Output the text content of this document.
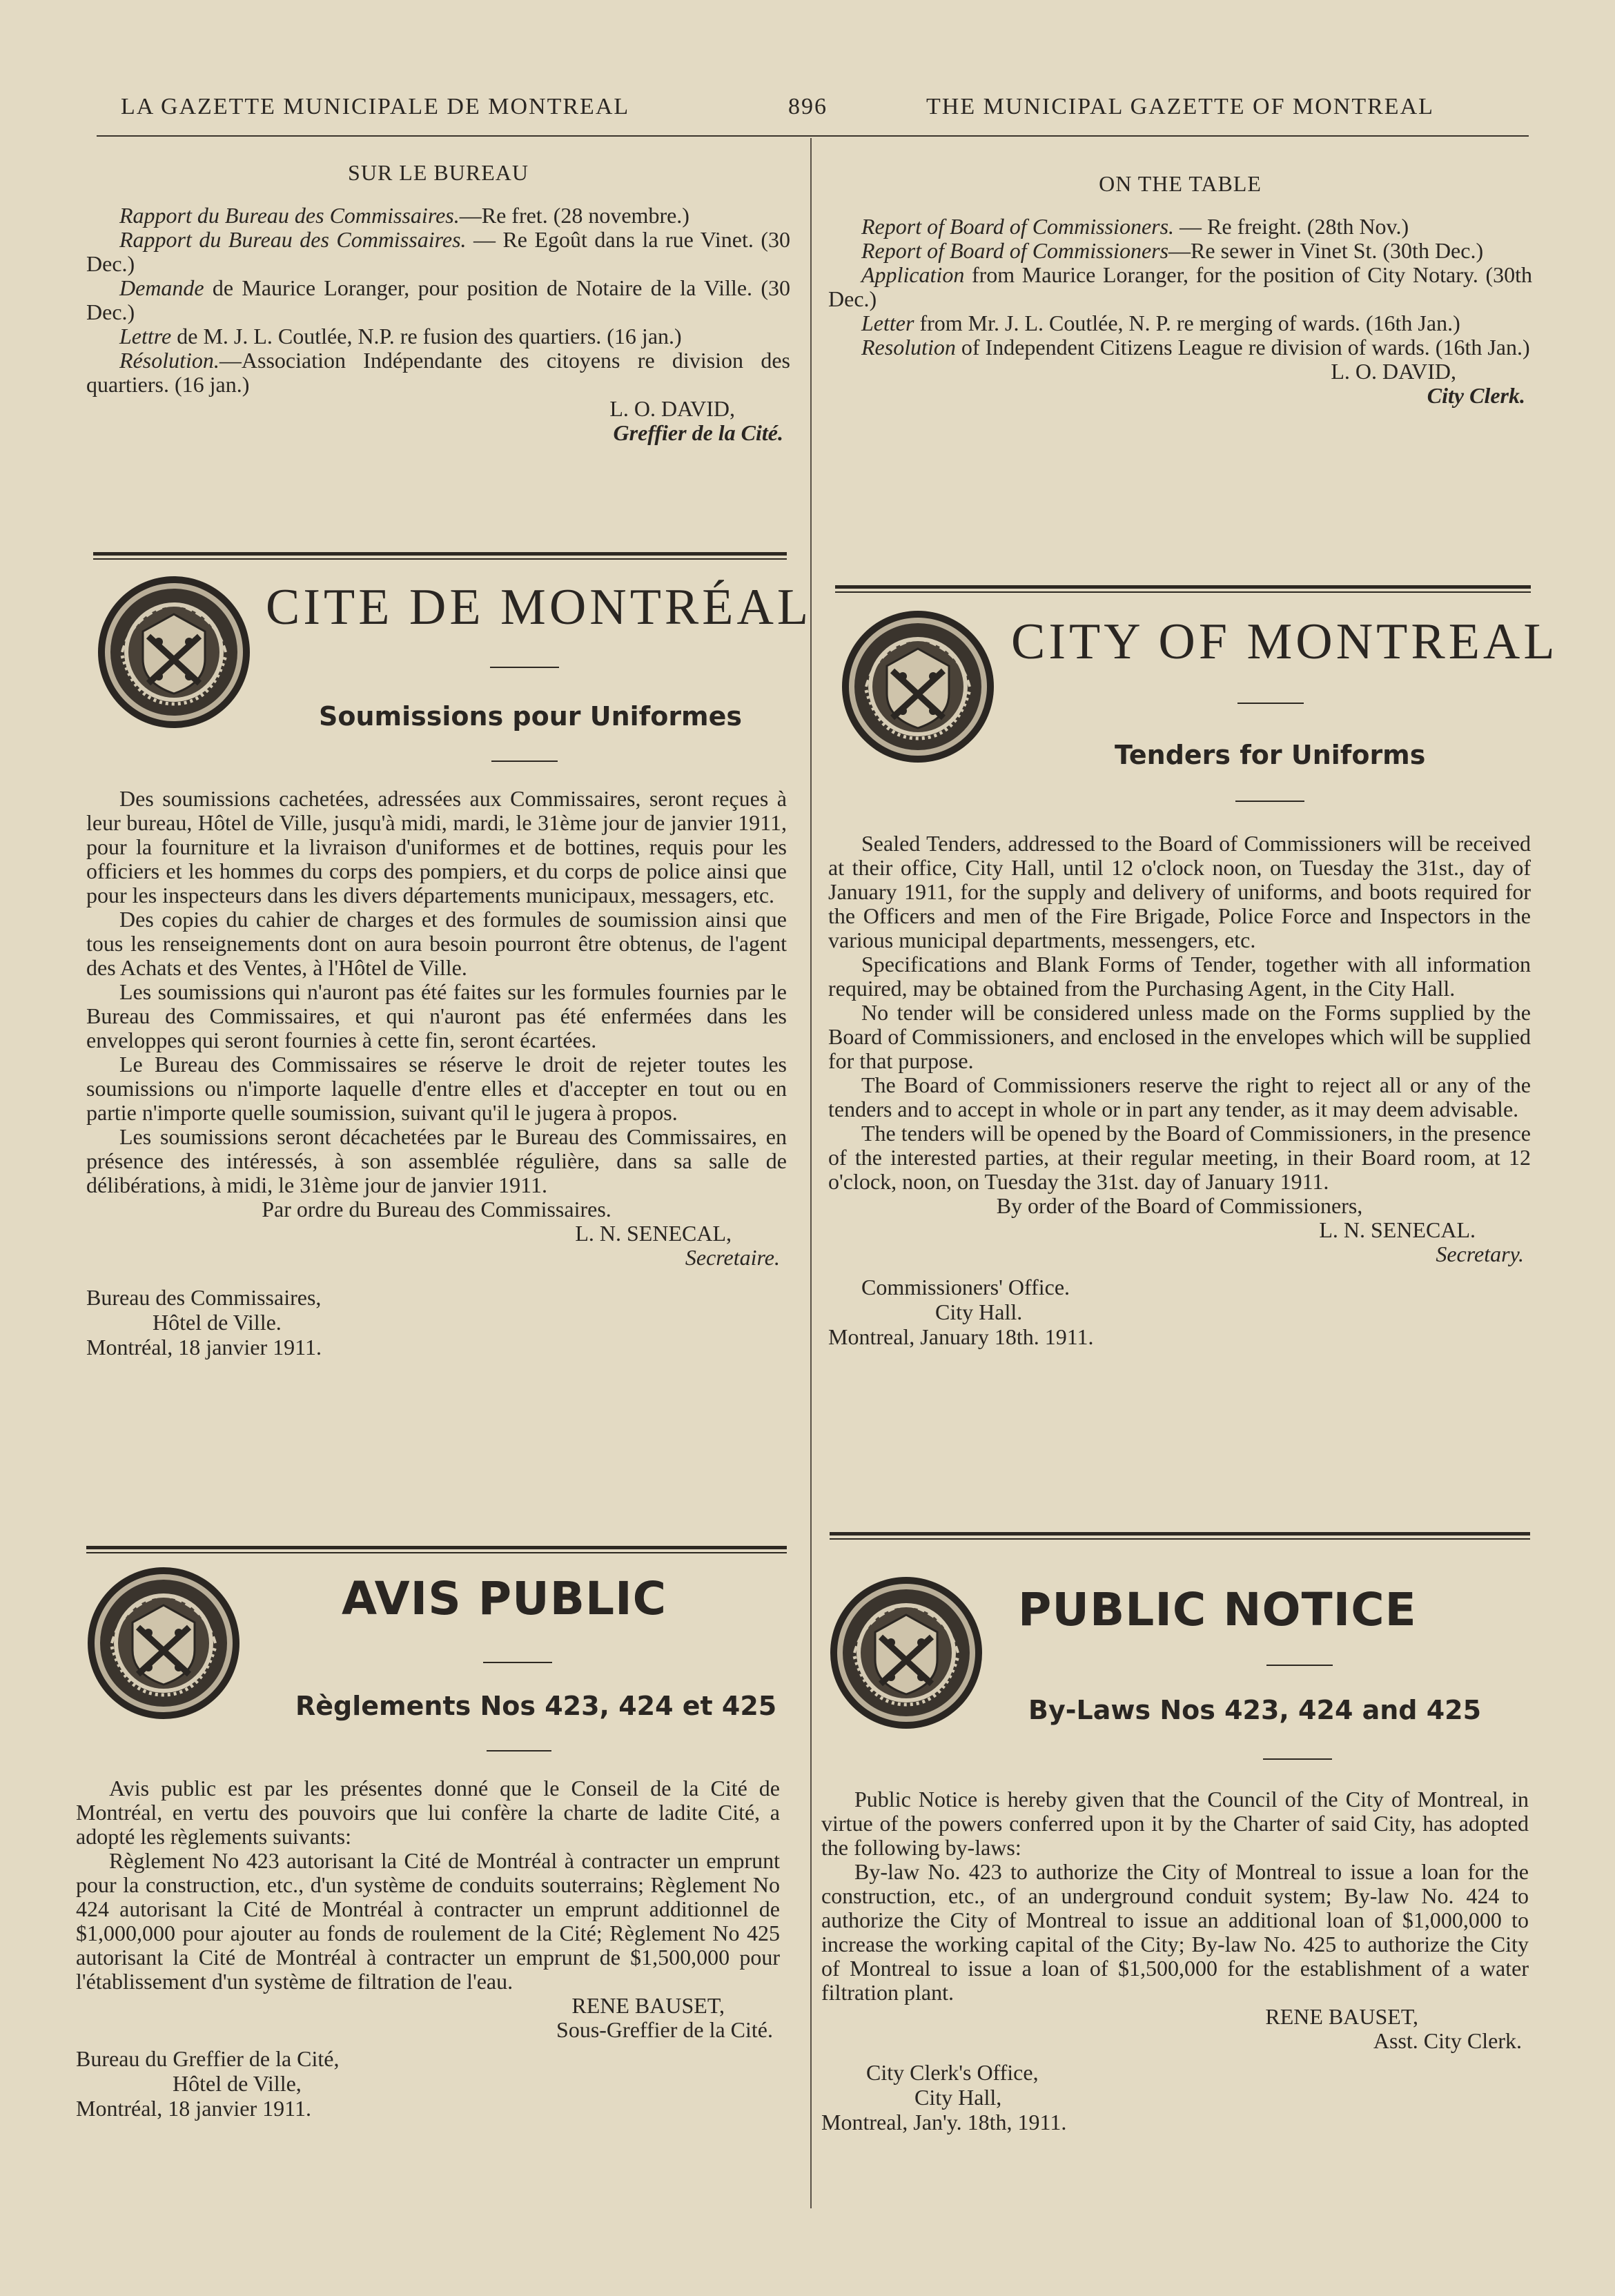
LA GAZETTE MUNICIPALE DE MONTREAL	896	THE MUNICIPAL GAZETTE OF MONTREAL
SUR LE BUREAU

Rapport du Bureau des Commissaires.—Re fret. (28 novembre.)

Rapport du Bureau des Commissaires. — Re Egoût dans la rue Vinet. (30 Dec.)

Demande de Maurice Loranger, pour position de Notaire de la Ville. (30 Dec.)

Lettre de M. J. L. Coutlée, N.P. re fusion des quartiers. (16 jan.)

Résolution.—Association Indépendante des citoyens re division des quartiers. (16 jan.)

L. O. DAVID,
Greffier de la Cité.
ON THE TABLE

Report of Board of Commissioners. — Re freight. (28th Nov.)

Report of Board of Commissioners—Re sewer in Vinet St. (30th Dec.)

Application from Maurice Loranger, for the position of City Notary. (30th Dec.)

Letter from Mr. J. L. Coutlée, N. P. re merging of wards. (16th Jan.)

Resolution of Independent Citizens League re division of wards. (16th Jan.)

L. O. DAVID,
City Clerk.
CITE DE MONTRÉAL
Soumissions pour Uniformes

Des soumissions cachetées, adressées aux Commissaires, seront reçues à leur bureau, Hôtel de Ville, jusqu'à midi, mardi, le 31ème jour de janvier 1911, pour la fourniture et la livraison d'uniformes et de bottines, requis pour les officiers et les hommes du corps des pompiers, et du corps de police ainsi que pour les inspecteurs dans les divers départements municipaux, messagers, etc.

Des copies du cahier de charges et des formules de soumission ainsi que tous les renseignements dont on aura besoin pourront être obtenus, de l'agent des Achats et des Ventes, à l'Hôtel de Ville.

Les soumissions qui n'auront pas été faites sur les formules fournies par le Bureau des Commissaires, et qui n'auront pas été enfermées dans les enveloppes qui seront fournies à cette fin, seront écartées.

Le Bureau des Commissaires se réserve le droit de rejeter toutes les soumissions ou n'importe laquelle d'entre elles et d'accepter en tout ou en partie n'importe quelle soumission, suivant qu'il le jugera à propos.

Les soumissions seront décachetées par le Bureau des Commissaires, en présence des intéressés, à son assemblée régulière, dans sa salle de délibérations, à midi, le 31ème jour de janvier 1911.

Par ordre du Bureau des Commissaires.

L. N. SENECAL,
Secretaire.
Bureau des Commissaires,
Hôtel de Ville.
Montréal, 18 janvier 1911.
CITY OF MONTREAL
Tenders for Uniforms

Sealed Tenders, addressed to the Board of Commissioners will be received at their office, City Hall, until 12 o'clock noon, on Tuesday the 31st., day of January 1911, for the supply and delivery of uniforms, and boots required for the Officers and men of the Fire Brigade, Police Force and Inspectors in the various municipal departments, messengers, etc.

Specifications and Blank Forms of Tender, together with all information required, may be obtained from the Purchasing Agent, in the City Hall.

No tender will be considered unless made on the Forms supplied by the Board of Commissioners, and enclosed in the envelopes which will be supplied for that purpose.

The Board of Commissioners reserve the right to reject all or any of the tenders and to accept in whole or in part any tender, as it may deem advisable.

The tenders will be opened by the Board of Commissioners, in the presence of the interested parties, at their regular meeting, in their Board room, at 12 o'clock, noon, on Tuesday the 31st. day of January 1911.

By order of the Board of Commissioners,

L. N. SENECAL.
Secretary.
Commissioners' Office.
City Hall.
Montreal, January 18th. 1911.
AVIS PUBLIC
Règlements Nos 423, 424 et 425

Avis public est par les présentes donné que le Conseil de la Cité de Montréal, en vertu des pouvoirs que lui confère la charte de ladite Cité, a adopté les règlements suivants:

Règlement No 423 autorisant la Cité de Montréal à contracter un emprunt pour la construction, etc., d'un système de conduits souterrains; Règlement No 424 autorisant la Cité de Montréal à contracter un emprunt additionnel de $1,000,000 pour ajouter au fonds de roulement de la Cité; Règlement No 425 autorisant la Cité de Montréal à contracter un emprunt de $1,500,000 pour l'établissement d'un système de filtration de l'eau.

RENE BAUSET,
Sous-Greffier de la Cité.
Bureau du Greffier de la Cité,
Hôtel de Ville,
Montréal, 18 janvier 1911.
PUBLIC NOTICE
By-Laws Nos 423, 424 and 425

Public Notice is hereby given that the Council of the City of Montreal, in virtue of the powers conferred upon it by the Charter of said City, has adopted the following by-laws:

By-law No. 423 to authorize the City of Montreal to issue a loan for the construction, etc., of an underground conduit system; By-law No. 424 to authorize the City of Montreal to issue an additional loan of $1,000,000 to increase the working capital of the City; By-law No. 425 to authorize the City of Montreal to issue a loan of $1,500,000 for the establishment of a water filtration plant.

RENE BAUSET,
Asst. City Clerk.
City Clerk's Office,
City Hall,
Montreal, Jan'y. 18th, 1911.
